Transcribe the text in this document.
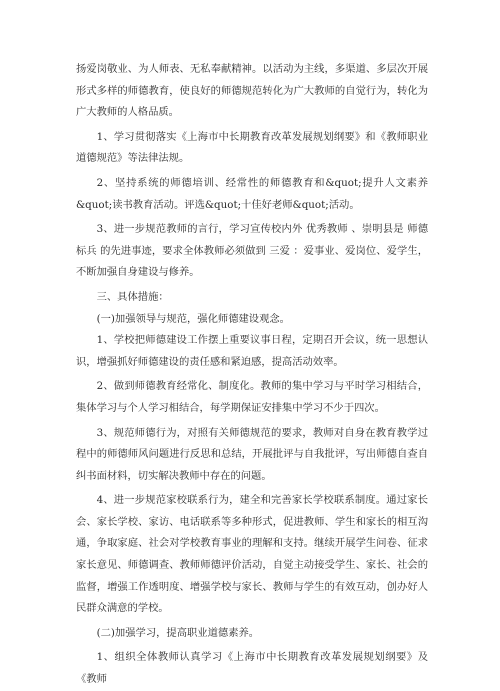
扬爱岗敬业、为人师表、无私奉献精神。以活动为主线，多渠道、多层次开展形式多样的师德教育，使良好的师德规范转化为广大教师的自觉行为，转化为广大教师的人格品质。

1、学习贯彻落实《上海市中长期教育改革发展规划纲要》和《教师职业道德规范》等法律法规。

2、坚持系统的师德培训、经常性的师德教育和&quot;提升人文素养&quot;读书教育活动。评选&quot;十佳好老师&quot;活动。

3、进一步规范教师的言行，学习宣传校内外 优秀教师 、崇明县是 师德标兵 的先进事迹，要求全体教师必须做到 三爱 ：爱事业、爱岗位、爱学生，不断加强自身建设与修养。

三、具体措施：

(一)加强领导与规范，强化师德建设观念。

1、学校把师德建设工作摆上重要议事日程，定期召开会议，统一思想认识，增强抓好师德建设的责任感和紧迫感，提高活动效率。

2、做到师德教育经常化、制度化。教师的集中学习与平时学习相结合，集体学习与个人学习相结合，每学期保证安排集中学习不少于四次。

3、规范师德行为，对照有关师德规范的要求，教师对自身在教育教学过程中的师德师风问题进行反思和总结，开展批评与自我批评，写出师德自查自纠书面材料，切实解决教师中存在的问题。

4、进一步规范家校联系行为，建全和完善家长学校联系制度。通过家长会、家长学校、家访、电话联系等多种形式，促进教师、学生和家长的相互沟通，争取家庭、社会对学校教育事业的理解和支持。继续开展学生问卷、征求家长意见、师德调查、教师师德评价活动，自觉主动接受学生、家长、社会的监督，增强工作透明度、增强学校与家长、教师与学生的有效互动，创办好人民群众满意的学校。

(二)加强学习，提高职业道德素养。

1、组织全体教师认真学习《上海市中长期教育改革发展规划纲要》及《教师
